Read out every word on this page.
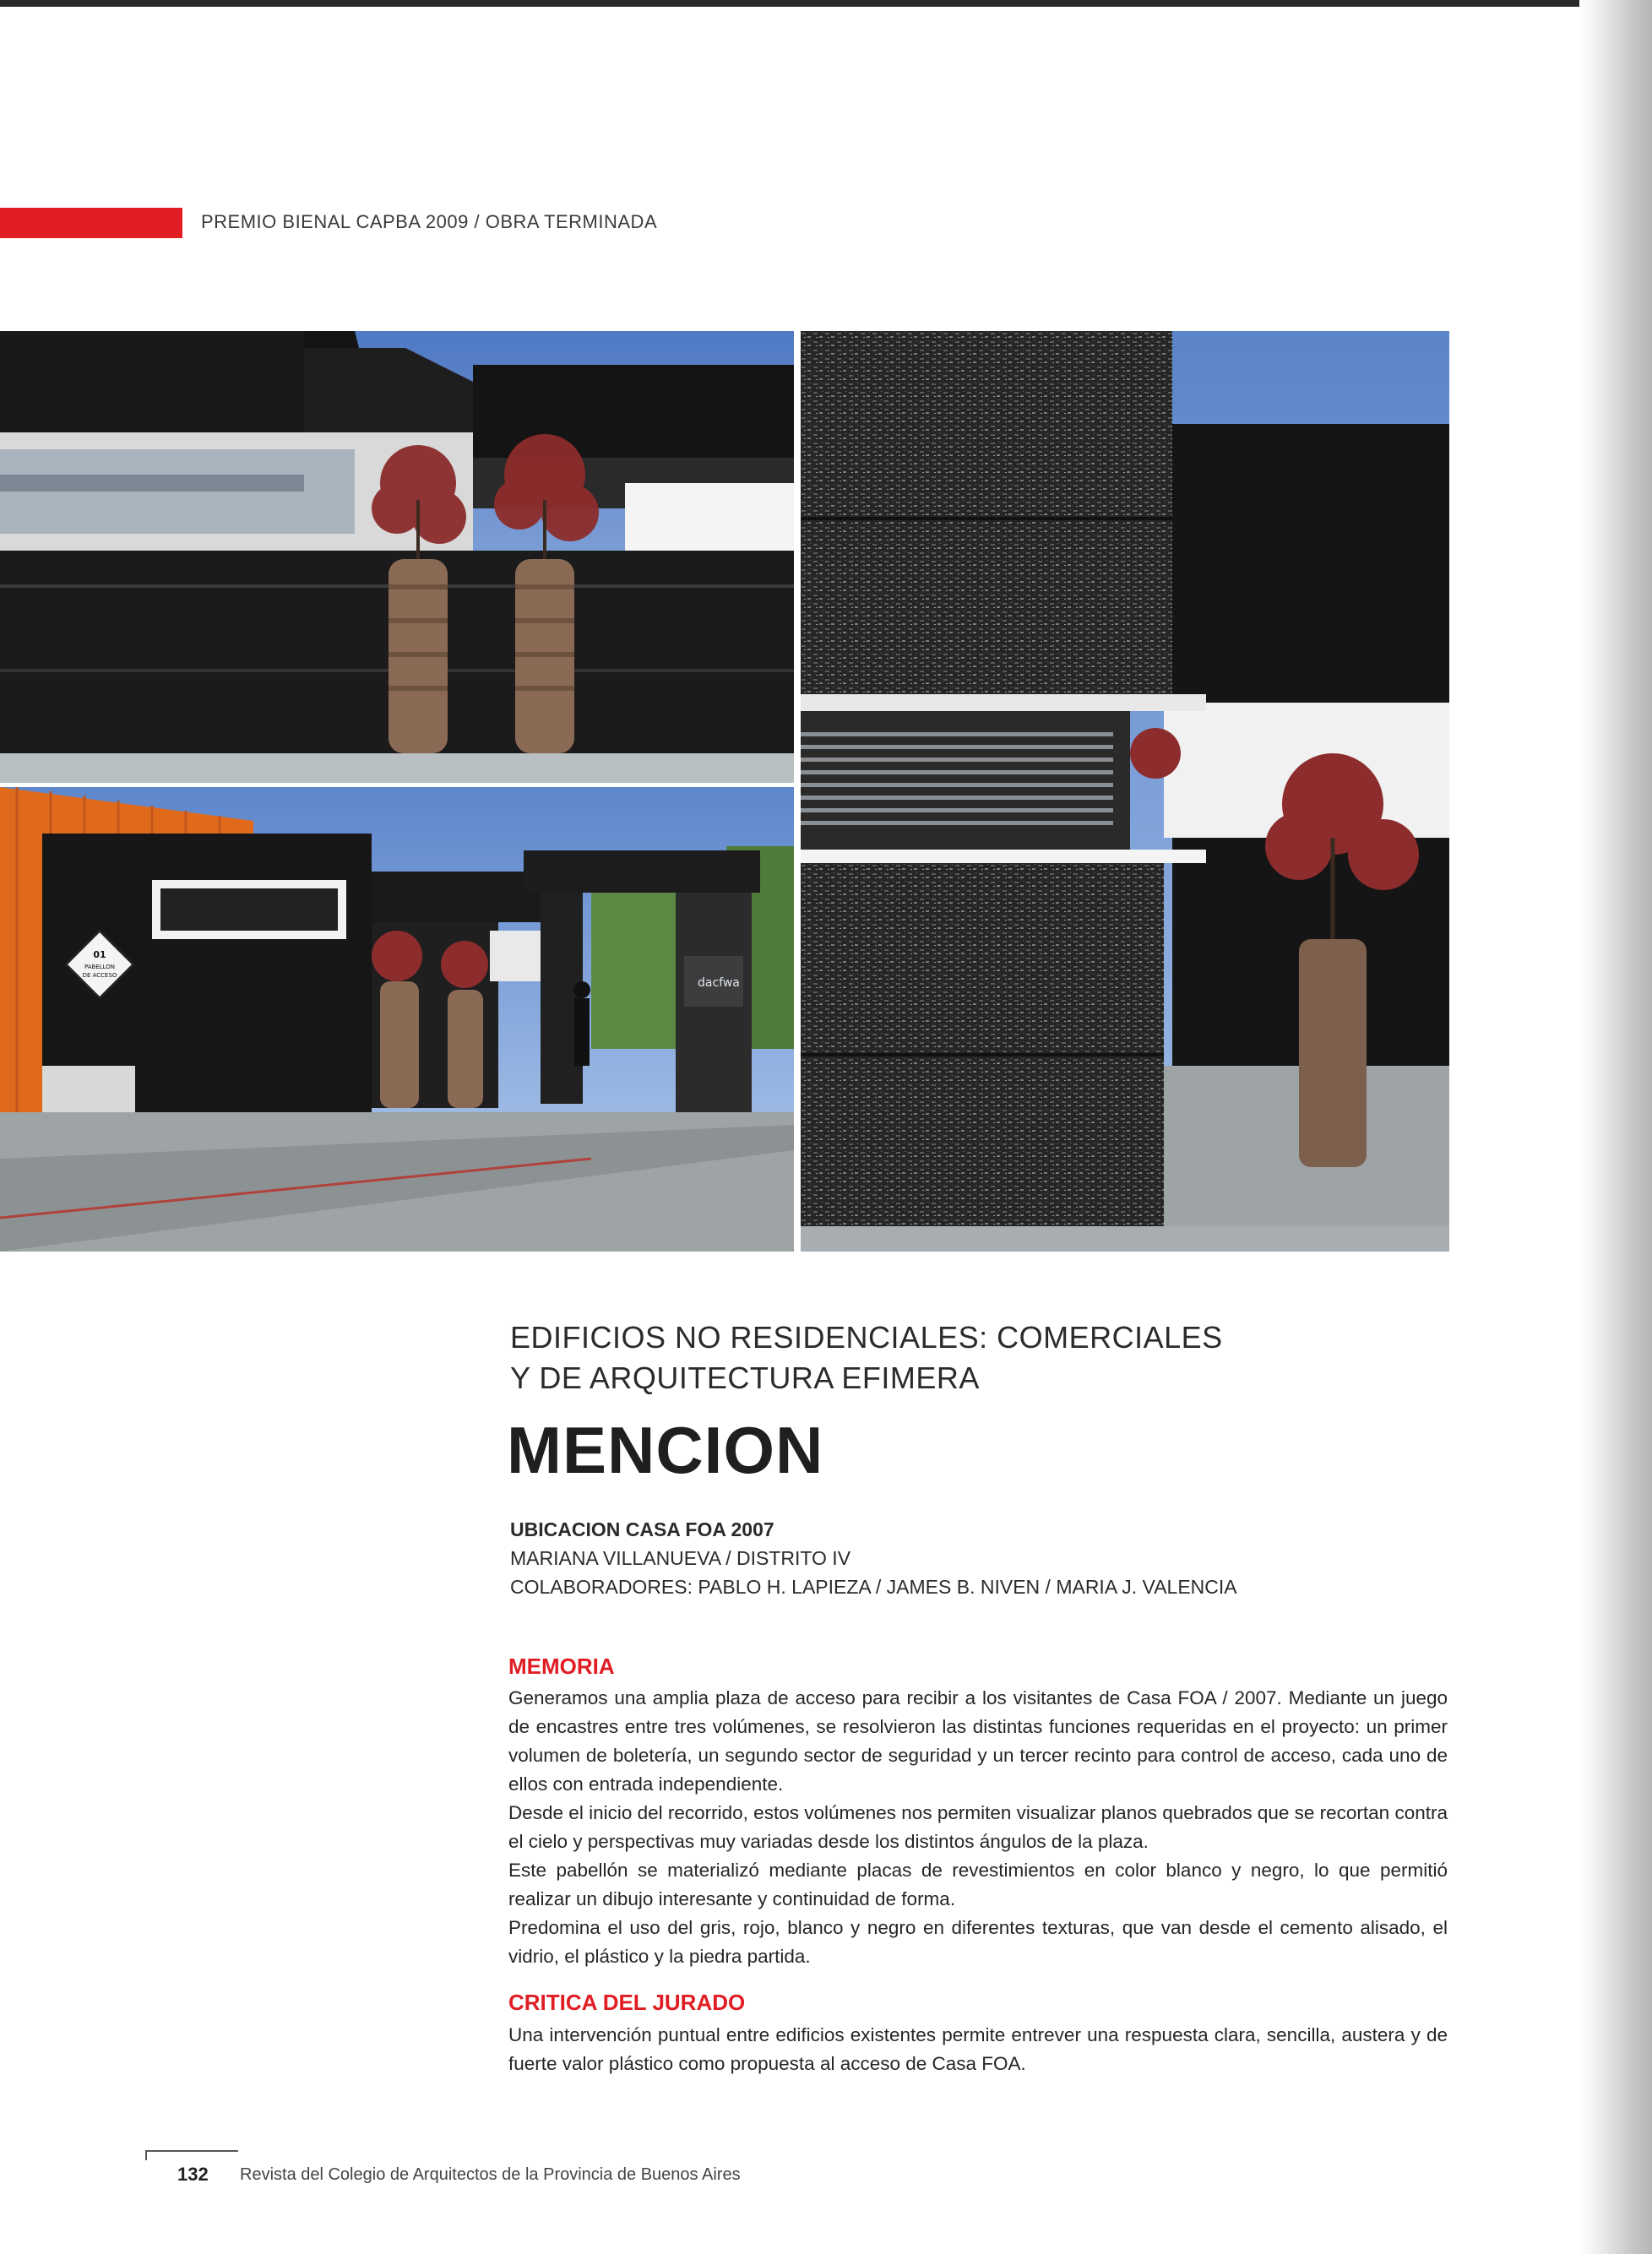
PREMIO BIENAL CAPBA 2009 / OBRA TERMINADA
dacfwa
01
PABELLON
DE ACCESO
EDIFICIOS NO RESIDENCIALES: COMERCIALES
Y DE ARQUITECTURA EFIMERA
MENCION
UBICACION CASA FOA 2007
MARIANA VILLANUEVA / DISTRITO IV
COLABORADORES: PABLO H. LAPIEZA / JAMES B. NIVEN / MARIA J. VALENCIA
MEMORIA

Generamos una amplia plaza de acceso para recibir a los visitantes de Casa FOA / 2007. Mediante un juego de encastres entre tres volúmenes, se resolvieron las distintas funciones requeridas en el proyecto: un primer volumen de boletería, un segundo sector de seguridad y un tercer recinto para control de acceso, cada uno de ellos con entrada independiente.

Desde el inicio del recorrido, estos volúmenes nos permiten visualizar planos quebrados que se recortan contra el cielo y perspectivas muy variadas desde los distintos ángulos de la plaza.

Este pabellón se materializó mediante placas de revestimientos en color blanco y negro, lo que permitió realizar un dibujo interesante y continuidad de forma.

Predomina el uso del gris, rojo, blanco y negro en diferentes texturas, que van desde el cemento alisado, el vidrio, el plástico y la piedra partida.

CRITICA DEL JURADO

Una intervención puntual entre edificios existentes permite entrever una respuesta clara, sencilla, austera y de fuerte valor plástico como propuesta al acceso de Casa FOA.

132 Revista del Colegio de Arquitectos de la Provincia de Buenos Aires
